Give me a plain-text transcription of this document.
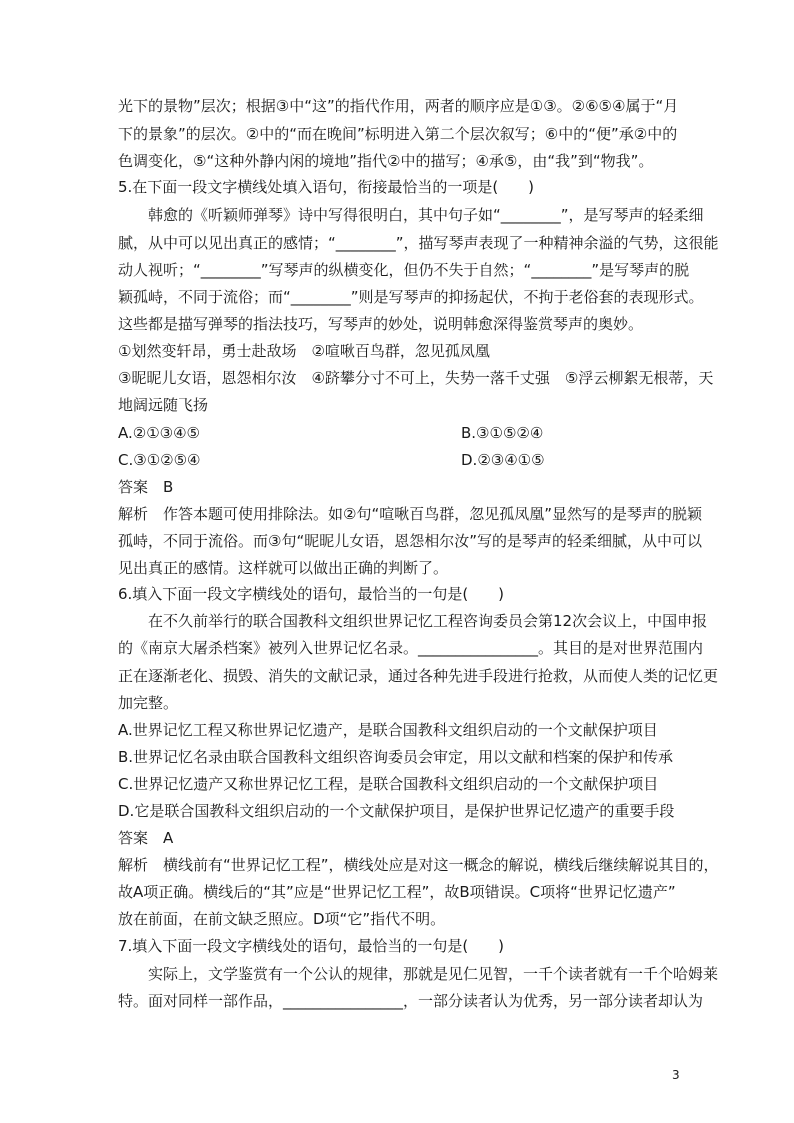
光下的景物”层次；根据③中“这”的指代作用，两者的顺序应是①③。②⑥⑤④属于“月
下的景象”的层次。②中的“而在晚间”标明进入第二个层次叙写；⑥中的“便”承②中的
色调变化，⑤“这种外静内闲的境地”指代②中的描写；④承⑤，由“我”到“物我”。
5.在下面一段文字横线处填入语句，衔接最恰当的一项是(　　)
韩愈的《听颖师弹琴》诗中写得很明白，其中句子如“________”，是写琴声的轻柔细
腻，从中可以见出真正的感情；“________”，描写琴声表现了一种精神余溢的气势，这很能
动人视听；“________”写琴声的纵横变化，但仍不失于自然；“________”是写琴声的脱
颖孤峙，不同于流俗；而“________”则是写琴声的抑扬起伏，不拘于老俗套的表现形式。
这些都是描写弹琴的指法技巧，写琴声的妙处，说明韩愈深得鉴赏琴声的奥妙。
①划然变轩昂，勇士赴敌场　②喧啾百鸟群，忽见孤凤凰
③昵昵儿女语，恩怨相尔汝　④跻攀分寸不可上，失势一落千丈强　⑤浮云柳絮无根蒂，天
地阔远随飞扬
A.②①③④⑤	B.③①⑤②④
C.③①②⑤④	D.②③④①⑤
答案　B
解析　作答本题可使用排除法。如②句“喧啾百鸟群，忽见孤凤凰”显然写的是琴声的脱颖
孤峙，不同于流俗。而③句“昵昵儿女语，恩怨相尔汝”写的是琴声的轻柔细腻，从中可以
见出真正的感情。这样就可以做出正确的判断了。
6.填入下面一段文字横线处的语句，最恰当的一句是(　　)
在不久前举行的联合国教科文组织世界记忆工程咨询委员会第12次会议上，中国申报
的《南京大屠杀档案》被列入世界记忆名录。________________。其目的是对世界范围内
正在逐渐老化、损毁、消失的文献记录，通过各种先进手段进行抢救，从而使人类的记忆更
加完整。
A.世界记忆工程又称世界记忆遗产，是联合国教科文组织启动的一个文献保护项目
B.世界记忆名录由联合国教科文组织咨询委员会审定，用以文献和档案的保护和传承
C.世界记忆遗产又称世界记忆工程，是联合国教科文组织启动的一个文献保护项目
D.它是联合国教科文组织启动的一个文献保护项目，是保护世界记忆遗产的重要手段
答案　A
解析　横线前有“世界记忆工程”，横线处应是对这一概念的解说，横线后继续解说其目的，
故A项正确。横线后的“其”应是“世界记忆工程”，故B项错误。C项将“世界记忆遗产”
放在前面，在前文缺乏照应。D项“它”指代不明。
7.填入下面一段文字横线处的语句，最恰当的一句是(　　)
实际上，文学鉴赏有一个公认的规律，那就是见仁见智，一千个读者就有一千个哈姆莱
特。面对同样一部作品，________________，一部分读者认为优秀，另一部分读者却认为
3
